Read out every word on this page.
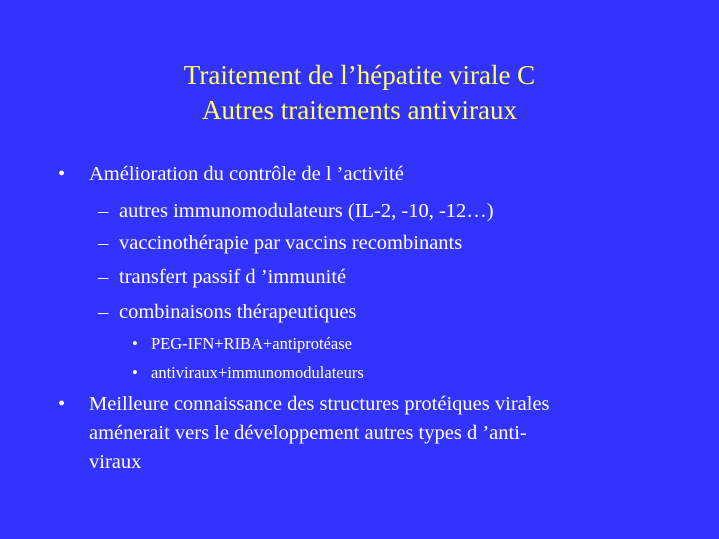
Traitement de l’hépatite virale C
Autres traitements antiviraux
• Amélioration du contrôle de l ’activité
– autres immunomodulateurs (IL-2, -10, -12…)
– vaccinothérapie par vaccins recombinants
– transfert passif d ’immunité
– combinaisons thérapeutiques
• PEG-IFN+RIBA+antiprotéase
• antiviraux+immunomodulateurs
• Meilleure connaissance des structures protéiques virales
aménerait vers le développement autres types d ’anti-
viraux
